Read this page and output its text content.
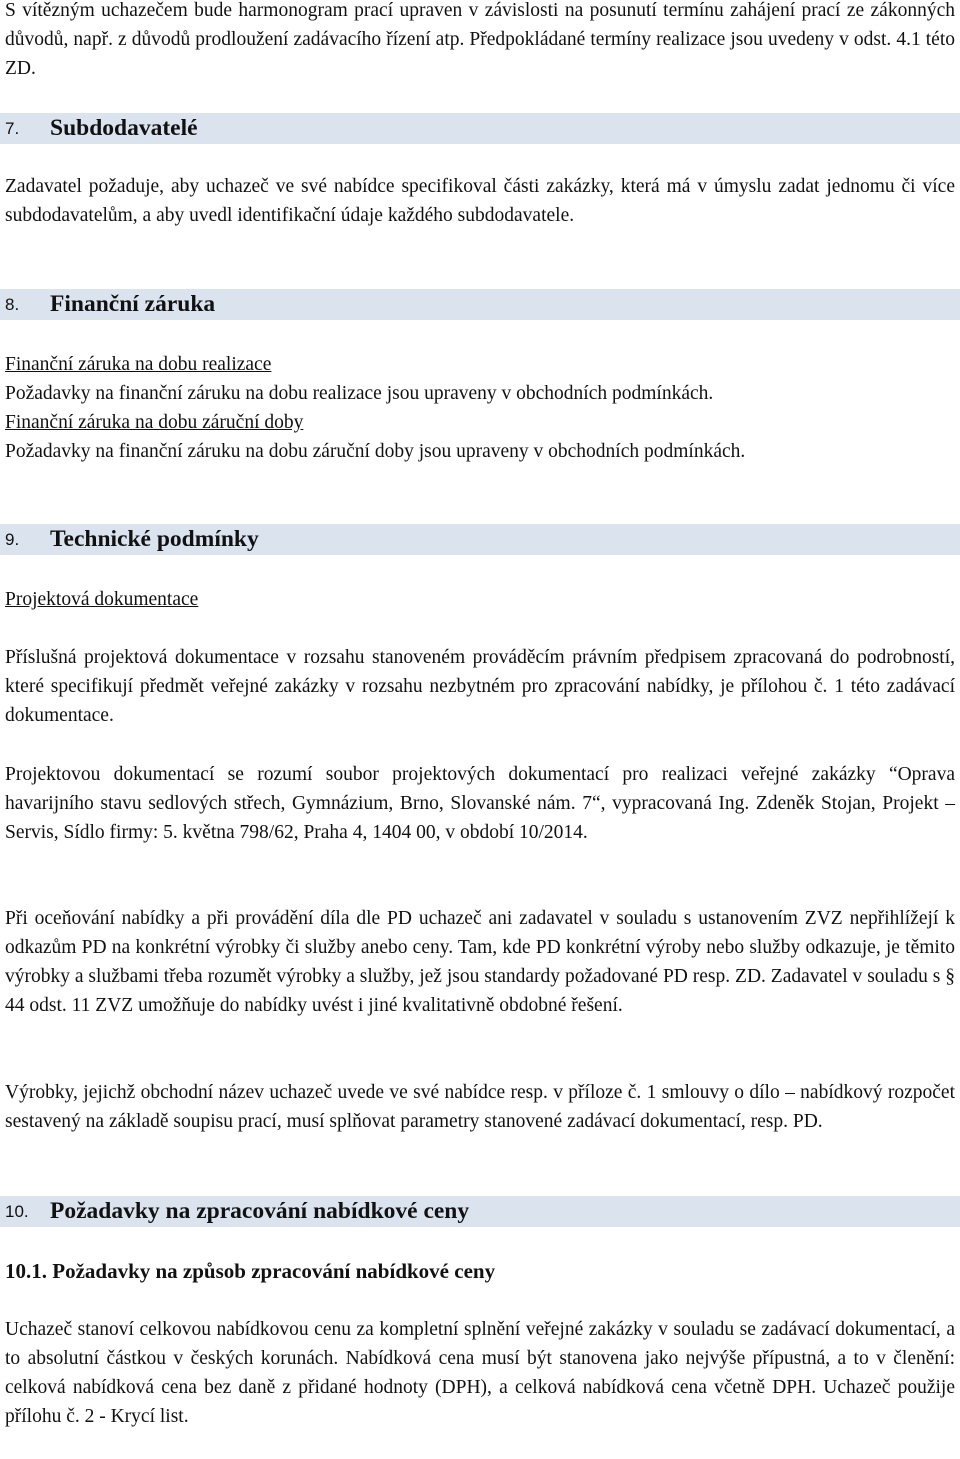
S vítězným uchazečem bude harmonogram prací upraven v závislosti na posunutí termínu zahájení prací ze zákonných důvodů, např. z důvodů prodloužení zadávacího řízení atp. Předpokládané termíny realizace jsou uvedeny v odst. 4.1 této ZD.

7.	Subdodavatelé

Zadavatel požaduje, aby uchazeč ve své nabídce specifikoval části zakázky, která má v úmyslu zadat jednomu či více subdodavatelům, a aby uvedl identifikační údaje každého subdodavatele.

8.	Finanční záruka
Finanční záruka na dobu realizace

Požadavky na finanční záruku na dobu realizace jsou upraveny v obchodních podmínkách.

Finanční záruka na dobu záruční doby

Požadavky na finanční záruku na dobu záruční doby jsou upraveny v obchodních podmínkách.

9.	Technické podmínky
Projektová dokumentace

Příslušná projektová dokumentace v rozsahu stanoveném prováděcím právním předpisem zpracovaná do podrobností, které specifikují předmět veřejné zakázky v rozsahu nezbytném pro zpracování nabídky, je přílohou č. 1 této zadávací dokumentace.

Projektovou dokumentací se rozumí soubor projektových dokumentací pro realizaci veřejné zakázky “Oprava havarijního stavu sedlových střech, Gymnázium, Brno, Slovanské nám. 7“, vypracovaná Ing. Zdeněk Stojan, Projekt – Servis, Sídlo firmy: 5. května 798/62, Praha 4, 1404 00, v období 10/2014.

Při oceňování nabídky a při provádění díla dle PD uchazeč ani zadavatel v souladu s ustanovením ZVZ nepřihlížejí k odkazům PD na konkrétní výrobky či služby anebo ceny. Tam, kde PD konkrétní výroby nebo služby odkazuje, je těmito výrobky a službami třeba rozumět výrobky a služby, jež jsou standardy požadované PD resp. ZD. Zadavatel v souladu s § 44 odst. 11 ZVZ umožňuje do nabídky uvést i jiné kvalitativně obdobné řešení.

Výrobky, jejichž obchodní název uchazeč uvede ve své nabídce resp. v příloze č. 1 smlouvy o dílo – nabídkový rozpočet sestavený na základě soupisu prací, musí splňovat parametry stanovené zadávací dokumentací, resp. PD.

10. Požadavky na zpracování nabídkové ceny
10.1. Požadavky na způsob zpracování nabídkové ceny

Uchazeč stanoví celkovou nabídkovou cenu za kompletní splnění veřejné zakázky v souladu se zadávací dokumentací, a to absolutní částkou v českých korunách. Nabídková cena musí být stanovena jako nejvýše přípustná, a to v členění: celková nabídková cena bez daně z přidané hodnoty (DPH), a celková nabídková cena včetně DPH. Uchazeč použije přílohu č. 2 - Krycí list.
